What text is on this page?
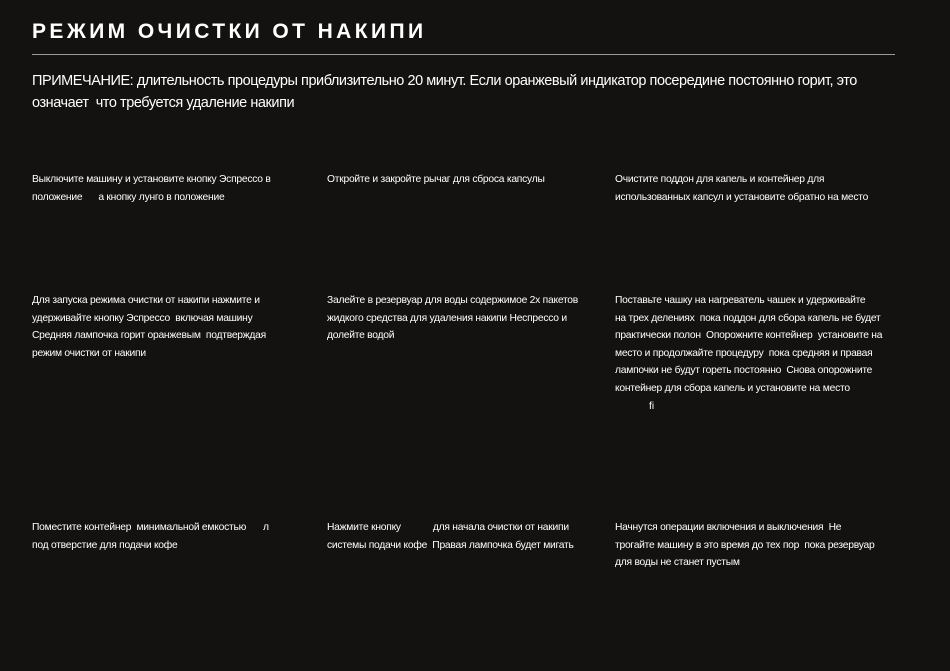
РЕЖИМ ОЧИСТКИ ОТ НАКИПИ
ПРИМЕЧАНИЕ: длительность процедуры приблизительно 20 минут. Если оранжевый индикатор посередине постоянно горит, это
означает  что требуется удаление накипи
Выключите машину и установите кнопку Эспрессо в
положение а кнопку лунго в положение
Откройте и закройте рычаг для сброса капсулы	Очистите поддон для капель и контейнер для
использованных капсул и установите обратно на место
Для запуска режима очистки от накипи нажмите и
удерживайте кнопку Эспрессо  включая машину
Средняя лампочка горит оранжевым  подтверждая
режим очистки от накипи
Залейте в резервуар для воды содержимое 2х пакетов
жидкого средства для удаления накипи Неспрессо и
долейте водой
Поставьте чашку на нагреватель чашек и удерживайте
на трех делениях  пока поддон для сбора капель не будет
практически полон  Опорожните контейнер  установите на
место и продолжайте процедуру  пока средняя и правая
лампочки не будут гореть постоянно  Снова опорожните
контейнер для сбора капель и установите на место
ﬁ
Поместите контейнер  минимальной емкостью л
под отверстие для подачи кофе
Нажмите кнопку	для начала очистки от накипи
системы подачи кофе  Правая лампочка будет мигать
Начнутся операции включения и выключения  Не
трогайте машину в это время до тех пор  пока резервуар
для воды не станет пустым
